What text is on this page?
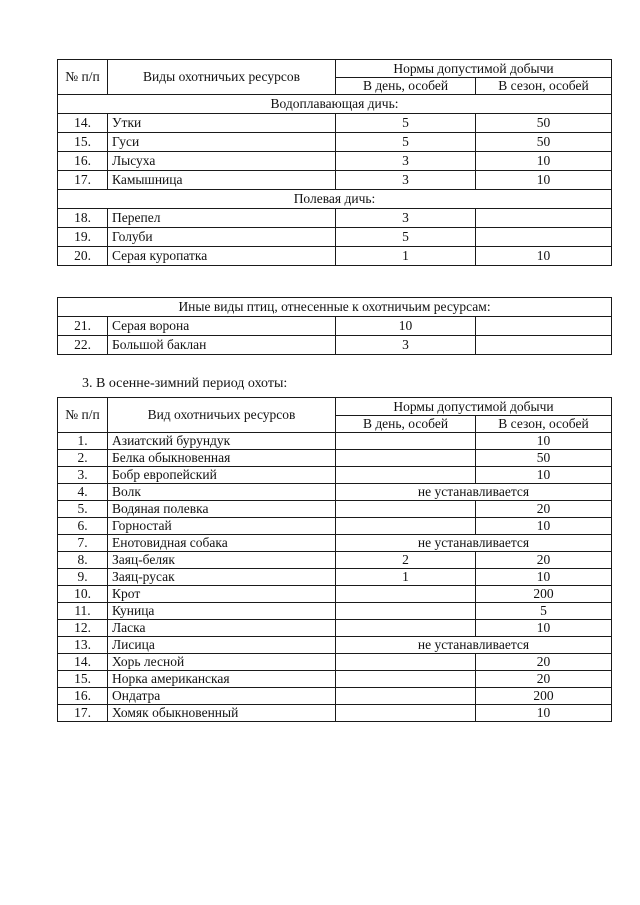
№ п/п	Виды охотничьих ресурсов	Нормы допустимой добычи	
		В день, особей	В сезон, особей
Водоплавающая дичь:			
14.	Утки	5	50
15.	Гуси	5	50
16.	Лысуха	3	10
17.	Камышница	3	10
Полевая дичь:			
18.	Перепел	3	
19.	Голуби	5	
20.	Серая куропатка	1	10
Иные виды птиц, отнесенные к охотничьим ресурсам:			
21.	Серая ворона	10	
22.	Большой баклан	3	
3. В осенне-зимний период охоты:
№ п/п	Вид охотничьих ресурсов	Нормы допустимой добычи	
		В день, особей	В сезон, особей
1.	Азиатский бурундук		10
2.	Белка обыкновенная		50
3.	Бобр европейский		10
4.	Волк	не устанавливается	
5.	Водяная полевка		20
6.	Горностай		10
7.	Енотовидная собака	не устанавливается	
8.	Заяц-беляк	2	20
9.	Заяц-русак	1	10
10.	Крот		200
11.	Куница		5
12.	Ласка		10
13.	Лисица	не устанавливается	
14.	Хорь лесной		20
15.	Норка американская		20
16.	Ондатра		200
17.	Хомяк обыкновенный		10
